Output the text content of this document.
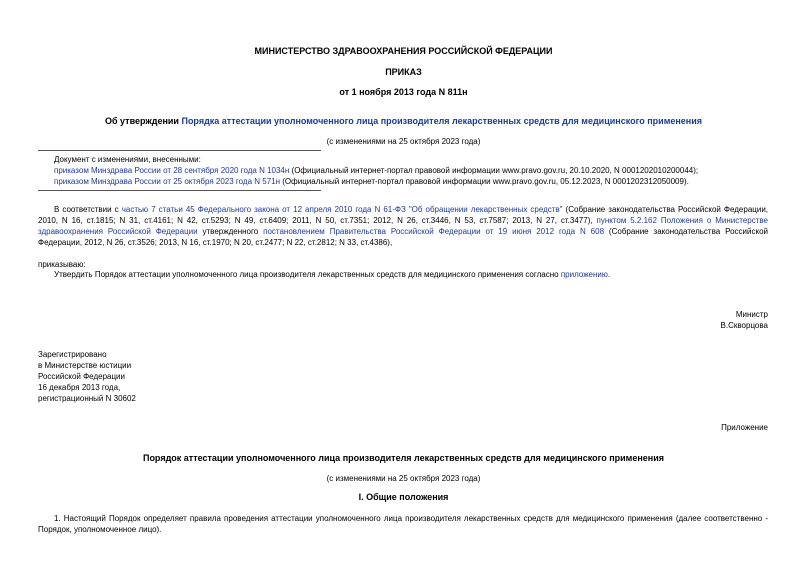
МИНИСТЕРСТВО ЗДРАВООХРАНЕНИЯ РОССИЙСКОЙ ФЕДЕРАЦИИ
ПРИКАЗ
от 1 ноября 2013 года N 811н
Об утверждении Порядка аттестации уполномоченного лица производителя лекарственных средств для медицинского применения
(с изменениями на 25 октября 2023 года)
Документ с изменениями, внесенными:
приказом Минздрава России от 28 сентября 2020 года N 1034н (Официальный интернет-портал правовой информации www.pravo.gov.ru, 20.10.2020, N 0001202010200044);
приказом Минздрава России от 25 октября 2023 года N 571н (Официальный интернет-портал правовой информации www.pravo.gov.ru, 05.12.2023, N 0001202312050009).
В соответствии с частью 7 статьи 45 Федерального закона от 12 апреля 2010 года N 61-ФЗ "Об обращении лекарственных средств" (Собрание законодательства Российской Федерации, 2010, N 16, ст.1815; N 31, ст.4161; N 42, ст.5293; N 49, ст.6409; 2011, N 50, ст.7351; 2012, N 26, ст.3446, N 53, ст.7587; 2013, N 27, ст.3477), пунктом 5.2.162 Положения о Министерстве здравоохранения Российской Федерации утвержденного постановлением Правительства Российской Федерации от 19 июня 2012 года N 608 (Собрание законодательства Российской Федерации, 2012, N 26, ст.3526; 2013, N 16, ст.1970; N 20, ст.2477; N 22, ст.2812; N 33, ст.4386),
приказываю:
Утвердить Порядок аттестации уполномоченного лица производителя лекарственных средств для медицинского применения согласно приложению.
Министр
В.Скворцова
Зарегистрировано
в Министерстве юстиции
Российской Федерации
16 декабря 2013 года,
регистрационный N 30602
Приложение
Порядок аттестации уполномоченного лица производителя лекарственных средств для медицинского применения
(с изменениями на 25 октября 2023 года)
I. Общие положения
1. Настоящий Порядок определяет правила проведения аттестации уполномоченного лица производителя лекарственных средств для медицинского применения (далее соответственно - Порядок, уполномоченное лицо).
